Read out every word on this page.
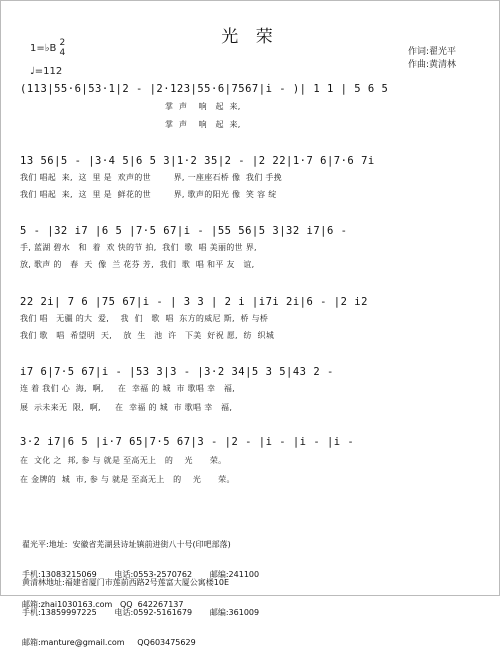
光 荣
1=♭B 2
4
♩=112
作词:翟光平
作曲:黄清林
(113|55·6|53·1|2 - |2·123|55·6|7567|i̇ - )| 1 1 | 5 6 5
掌  声    响   起  来,
掌  声    响   起  来,
13 56|5 - |3·4 5|6 5 3|1·2 35|2 - |2 22|1·7 6|7·6 7i
我们 唱起  来,  这  里 是  欢声的世        界, 一座座石桥 像  我们 手挽
我们 唱起  来,  这  里 是  鲜花的世        界, 歌声的阳光 像  笑 容 绽
5 - |32 i7 |6 5 |7·5 67|i - |55 56|5 3|32 i7|6 -
手, 蓝湖 碧水   和  着  欢 快的节 拍,  我们  歌  唱 美丽的世 界,
放, 歌声 的   春  天  像  兰 花芬 芳,  我们  歌  唱 和平 友   谊,
22 2i| 7 6 |75 67|i - | 3 3 | 2 i |i7i 2i|6 - |2 i2
我们 唱   无疆 的大  爱,    我  们   歌  唱  东方的威尼 斯,  桥 与桥
我们 歌   唱  希望明  天,    放  生   池  许   下美  好祝 愿,  纺  织城
i7 6|7·5 67|i - |53 3|3 - |3·2 34|5 3 5|43 2 -
连 着 我们 心  海,  啊,     在  幸福 的 城  市 歌唱 幸   福,
展  示未来无  限,  啊,     在  幸福 的 城  市 歌唱 幸   福,
3·2 i7|6 5 |i·7 65|7·5 67|3 - |2 - |i - |i - |i -
在  文化 之  邦, 参 与 就是 至高无上   的    光      荣。
在 金牌的  城  市, 参 与 就是 至高无上   的    光      荣。

翟光平:地址:  安徽省芜湖县诗址镇前进街八十号(印吧部落)

手机:13083215069       电话:0553-2570762       邮编:241100

邮箱:zhai1030163.com   QQ  642267137

黄清林地址:福建省厦门市莲前西路2号莲富大厦公寓楼10E

手机:13859997225       电话:0592-5161679       邮编:361009

邮箱:manture@gmail.com     QQ603475629
